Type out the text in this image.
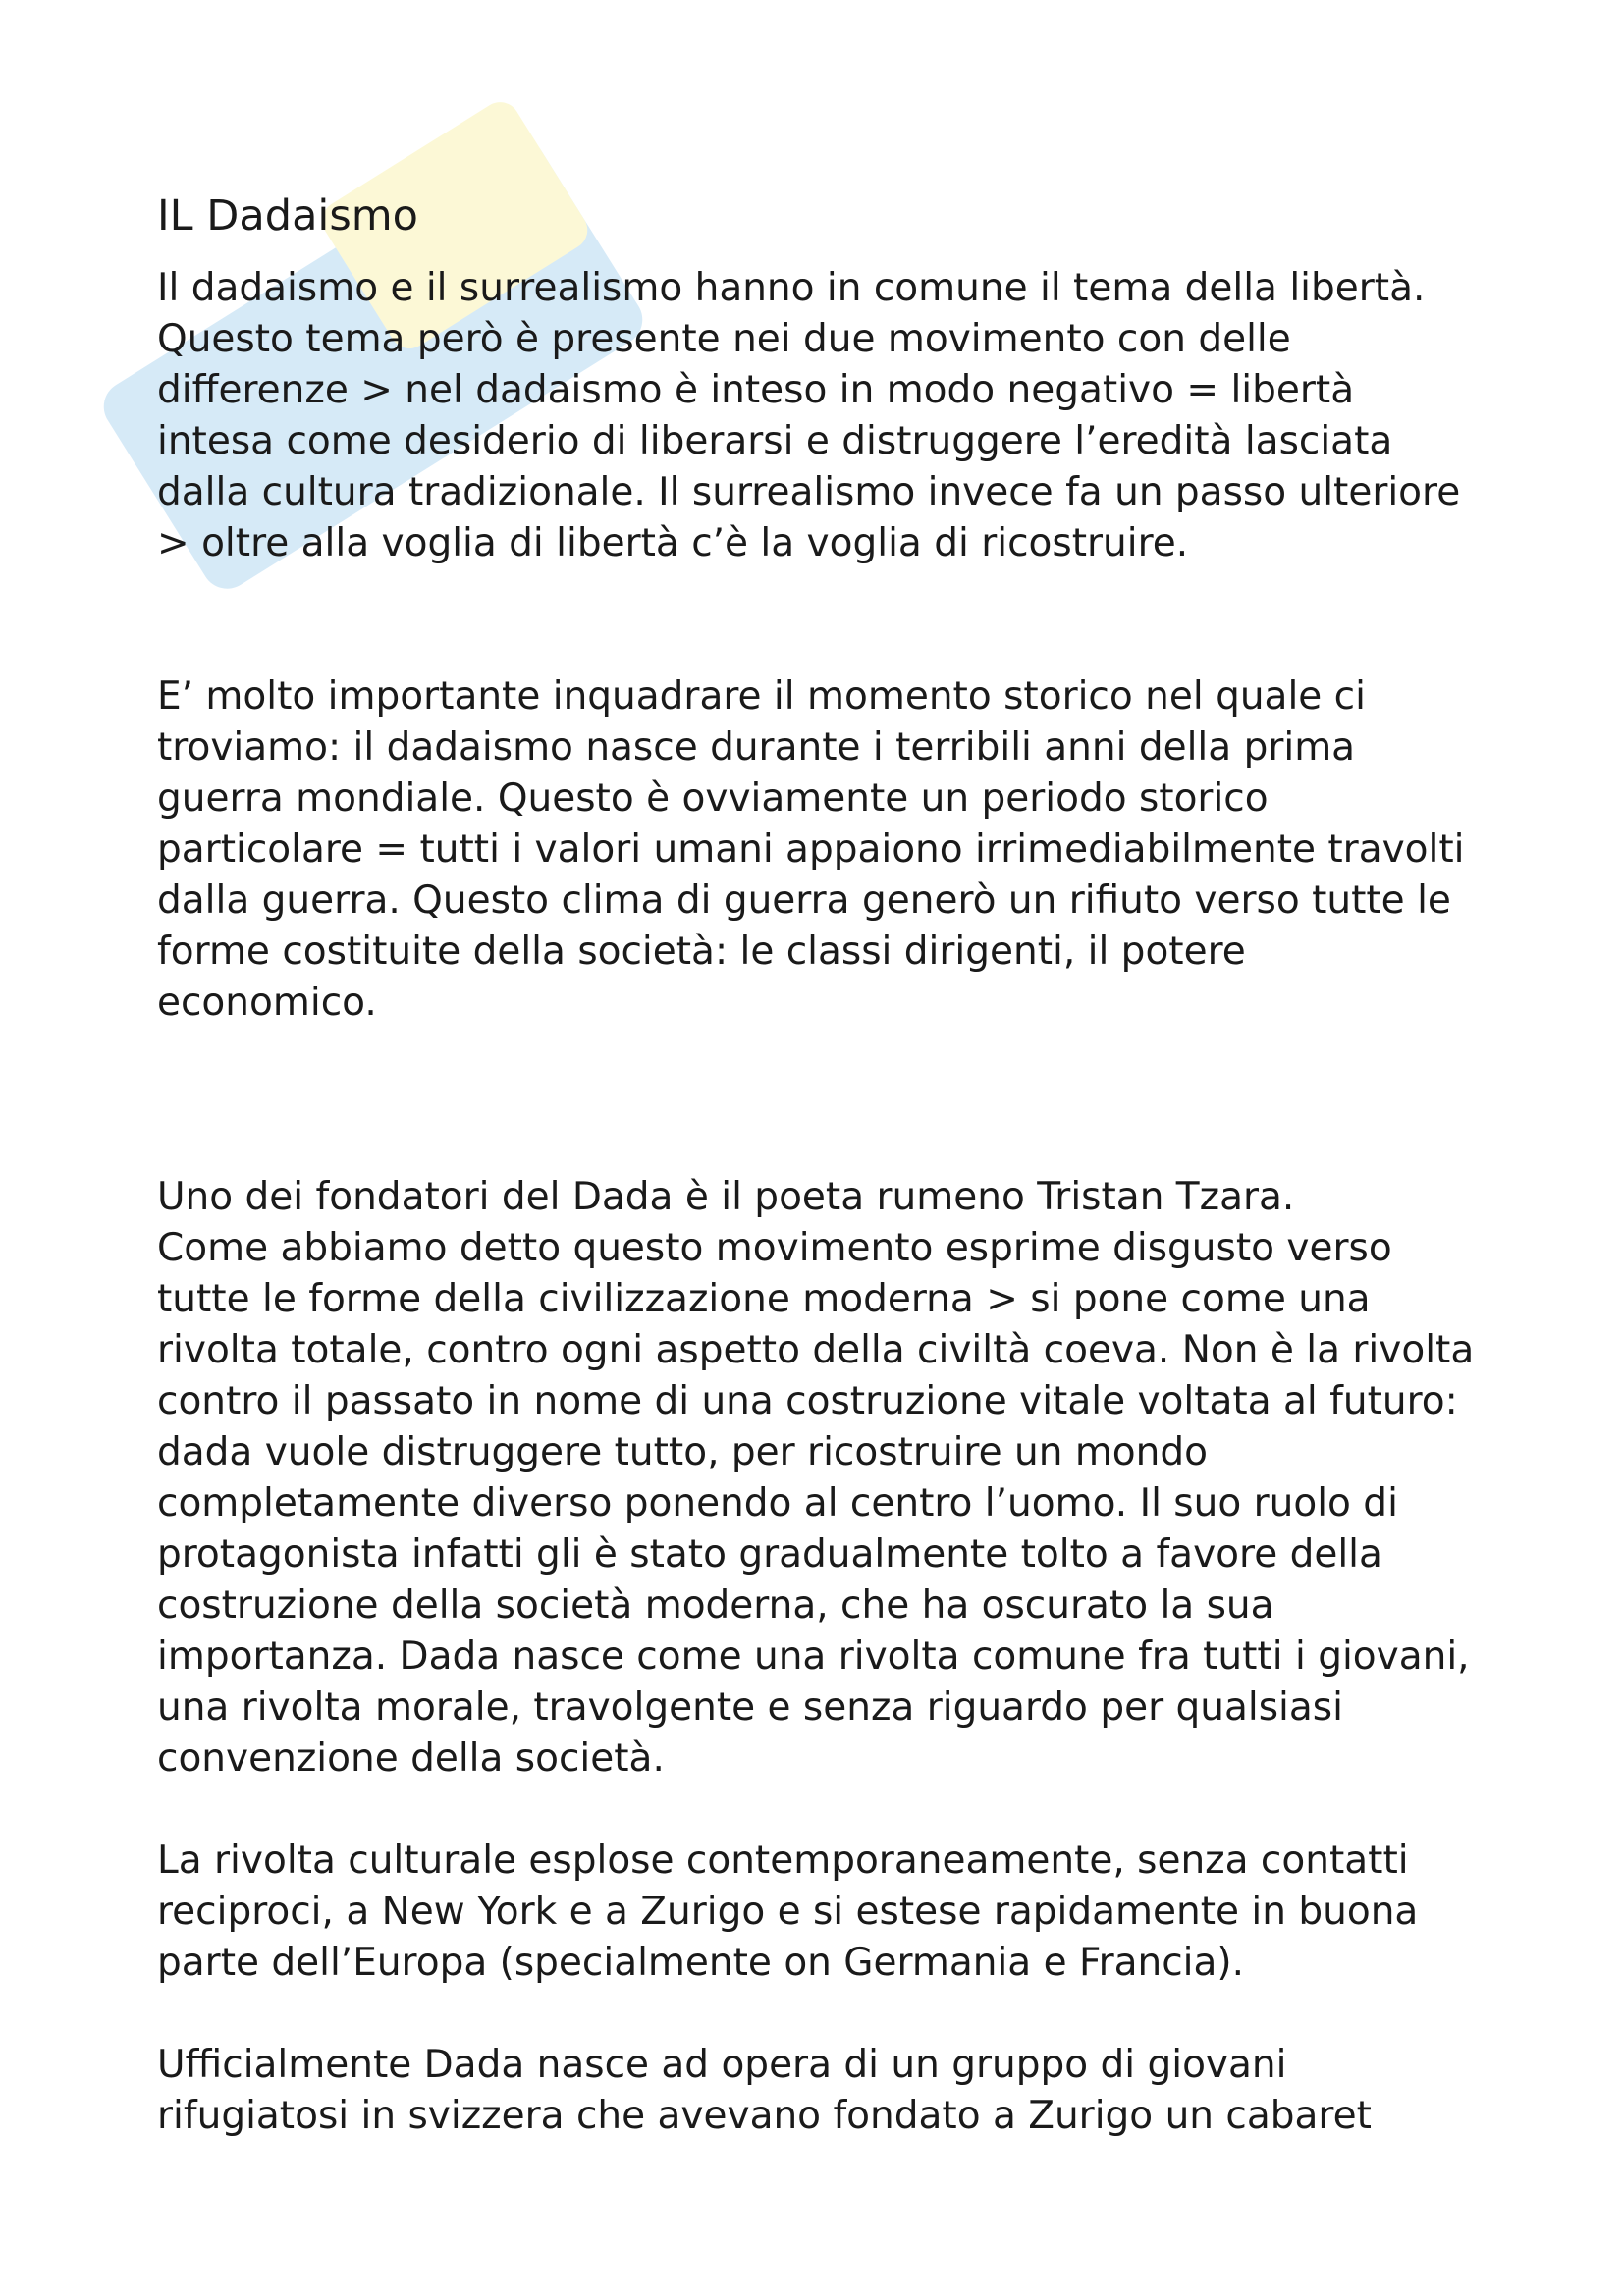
IL Dadaismo

Il dadaismo e il surrealismo hanno in comune il tema della libertà.
Questo tema però è presente nei due movimento con delle
differenze > nel dadaismo è inteso in modo negativo = libertà
intesa come desiderio di liberarsi e distruggere l’eredità lasciata
dalla cultura tradizionale. Il surrealismo invece fa un passo ulteriore
> oltre alla voglia di libertà c’è la voglia di ricostruire.

E’ molto importante inquadrare il momento storico nel quale ci
troviamo: il dadaismo nasce durante i terribili anni della prima
guerra mondiale. Questo è ovviamente un periodo storico
particolare = tutti i valori umani appaiono irrimediabilmente travolti
dalla guerra. Questo clima di guerra generò un rifiuto verso tutte le
forme costituite della società: le classi dirigenti, il potere
economico.

Uno dei fondatori del Dada è il poeta rumeno Tristan Tzara.
Come abbiamo detto questo movimento esprime disgusto verso
tutte le forme della civilizzazione moderna > si pone come una
rivolta totale, contro ogni aspetto della civiltà coeva. Non è la rivolta
contro il passato in nome di una costruzione vitale voltata al futuro:
dada vuole distruggere tutto, per ricostruire un mondo
completamente diverso ponendo al centro l’uomo. Il suo ruolo di
protagonista infatti gli è stato gradualmente tolto a favore della
costruzione della società moderna, che ha oscurato la sua
importanza. Dada nasce come una rivolta comune fra tutti i giovani,
una rivolta morale, travolgente e senza riguardo per qualsiasi
convenzione della società.

La rivolta culturale esplose contemporaneamente, senza contatti
reciproci, a New York e a Zurigo e si estese rapidamente in buona
parte dell’Europa (specialmente on Germania e Francia).

Ufficialmente Dada nasce ad opera di un gruppo di giovani
rifugiatosi in svizzera che avevano fondato a Zurigo un cabaret
